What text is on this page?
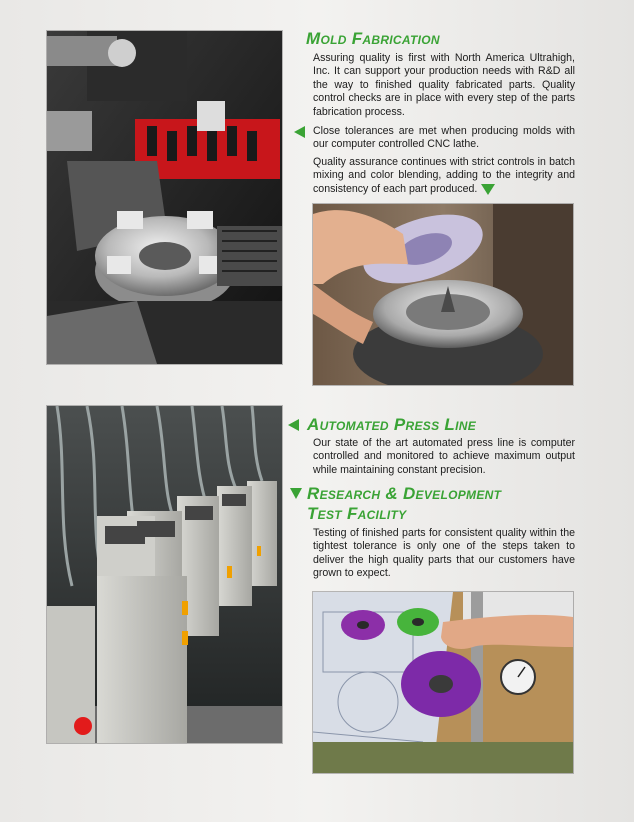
Mold Fabrication

Assuring quality is first with North America Ultrahigh, Inc. It can support your production needs with R&D all the way to finished quality fabricated parts. Quality control checks are in place with every step of the parts fabrication process.

Close tolerances are met when producing molds with our computer controlled CNC lathe.

Quality assurance continues with strict controls in batch mixing and color blending, adding to the integrity and consistency of each part produced.

Automated Press Line

Our state of the art automated press line is computer controlled and monitored to achieve maximum output while maintaining constant precision.

Research & Development
Test Facility

Testing of finished parts for consistent quality within the tightest tolerance is only one of the steps taken to deliver the high quality parts that our customers have grown to expect.
